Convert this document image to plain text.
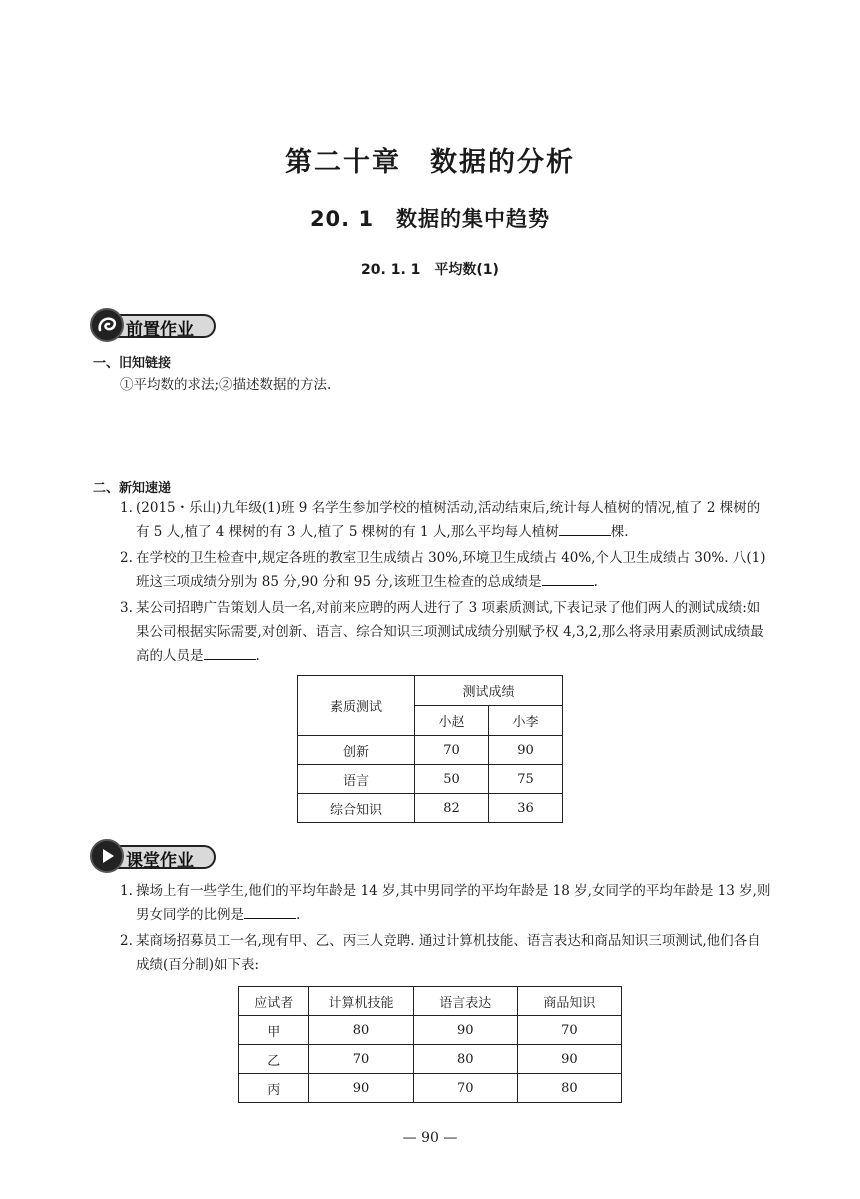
第二十章　数据的分析
20. 1　数据的集中趋势
20. 1. 1　平均数(1)
前置作业
一、旧知链接
①平均数的求法;②描述数据的方法.
二、新知速递
1. (2015・乐山)九年级(1)班 9 名学生参加学校的植树活动,活动结束后,统计每人植树的情况,植了 2 棵树的有 5 人,植了 4 棵树的有 3 人,植了 5 棵树的有 1 人,那么平均每人植树	棵.
2. 在学校的卫生检查中,规定各班的教室卫生成绩占 30%,环境卫生成绩占 40%,个人卫生成绩占 30%. 八(1)班这三项成绩分别为 85 分,90 分和 95 分,该班卫生检查的总成绩是	.
3. 某公司招聘广告策划人员一名,对前来应聘的两人进行了 3 项素质测试,下表记录了他们两人的测试成绩:如果公司根据实际需要,对创新、语言、综合知识三项测试成绩分别赋予权 4,3,2,那么将录用素质测试成绩最高的人员是	.
素质测试	测试成绩	
	小赵	小李
创新	70	90
语言	50	75
综合知识	82	36
课堂作业
1. 操场上有一些学生,他们的平均年龄是 14 岁,其中男同学的平均年龄是 18 岁,女同学的平均年龄是 13 岁,则男女同学的比例是	.
2. 某商场招募员工一名,现有甲、乙、丙三人竞聘. 通过计算机技能、语言表达和商品知识三项测试,他们各自成绩(百分制)如下表:
应试者	计算机技能	语言表达	商品知识
甲	80	90	70
乙	70	80	90
丙	90	70	80
— 90 —
